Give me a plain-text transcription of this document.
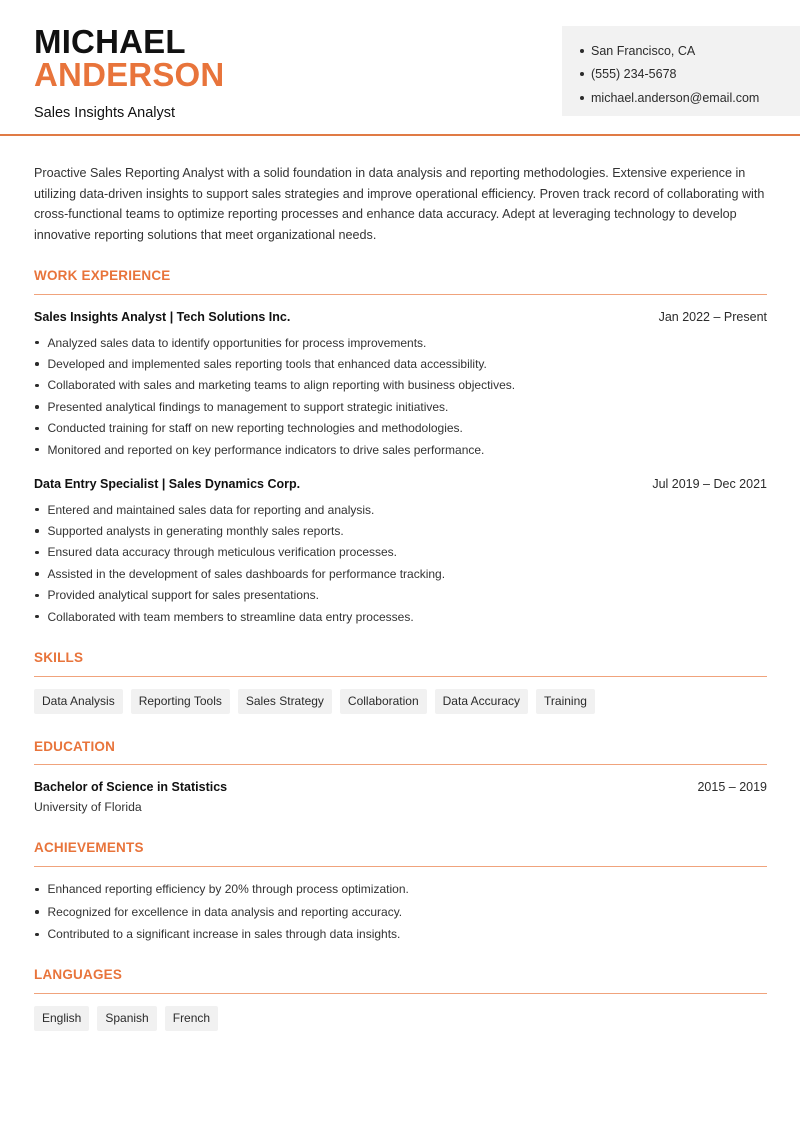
MICHAEL
ANDERSON
Sales Insights Analyst
San Francisco, CA
(555) 234-5678
michael.anderson@email.com
Proactive Sales Reporting Analyst with a solid foundation in data analysis and reporting methodologies. Extensive experience in utilizing data-driven insights to support sales strategies and improve operational efficiency. Proven track record of collaborating with cross-functional teams to optimize reporting processes and enhance data accuracy. Adept at leveraging technology to develop innovative reporting solutions that meet organizational needs.
WORK EXPERIENCE
Sales Insights Analyst | Tech Solutions Inc.	Jan 2022 – Present
Analyzed sales data to identify opportunities for process improvements.
Developed and implemented sales reporting tools that enhanced data accessibility.
Collaborated with sales and marketing teams to align reporting with business objectives.
Presented analytical findings to management to support strategic initiatives.
Conducted training for staff on new reporting technologies and methodologies.
Monitored and reported on key performance indicators to drive sales performance.
Data Entry Specialist | Sales Dynamics Corp.	Jul 2019 – Dec 2021
Entered and maintained sales data for reporting and analysis.
Supported analysts in generating monthly sales reports.
Ensured data accuracy through meticulous verification processes.
Assisted in the development of sales dashboards for performance tracking.
Provided analytical support for sales presentations.
Collaborated with team members to streamline data entry processes.
SKILLS
Data Analysis	Reporting Tools	Sales Strategy	Collaboration	Data Accuracy	Training
EDUCATION
Bachelor of Science in Statistics	2015 – 2019
University of Florida
ACHIEVEMENTS
Enhanced reporting efficiency by 20% through process optimization.
Recognized for excellence in data analysis and reporting accuracy.
Contributed to a significant increase in sales through data insights.
LANGUAGES
English	Spanish	French
